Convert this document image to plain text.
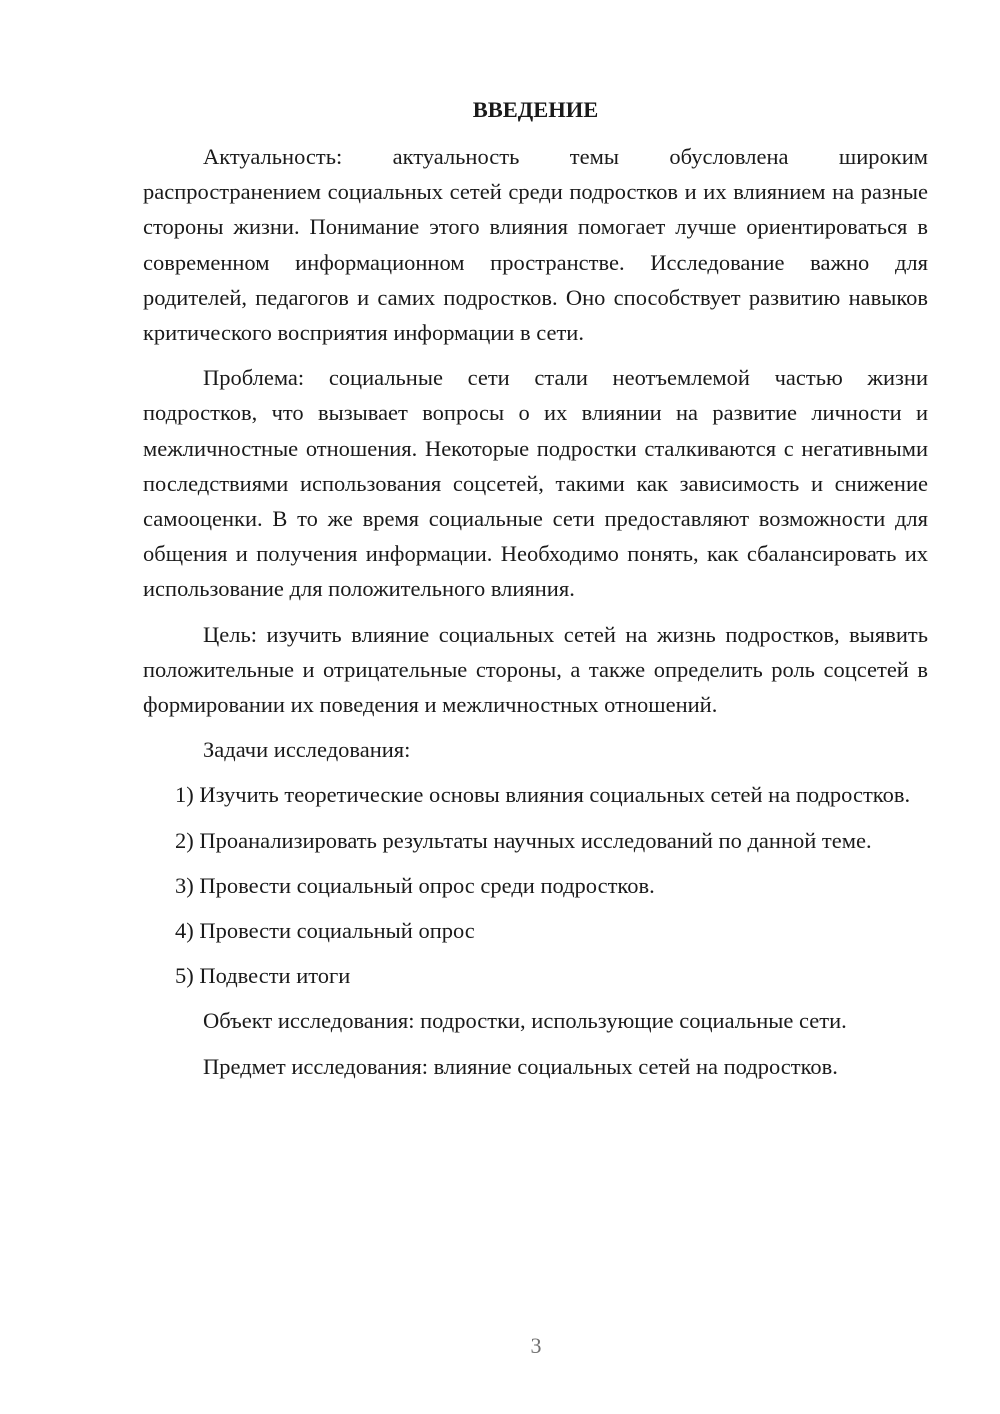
ВВЕДЕНИЕ

Актуальность: актуальность темы обусловлена широким распространением социальных сетей среди подростков и их влиянием на разные стороны жизни. Понимание этого влияния помогает лучше ориентироваться в современном информационном пространстве. Исследование важно для родителей, педагогов и самих подростков. Оно способствует развитию навыков критического восприятия информации в сети.

Проблема: социальные сети стали неотъемлемой частью жизни подростков, что вызывает вопросы о их влиянии на развитие личности и межличностные отношения. Некоторые подростки сталкиваются с негативными последствиями использования соцсетей, такими как зависимость и снижение самооценки. В то же время социальные сети предоставляют возможности для общения и получения информации. Необходимо понять, как сбалансировать их использование для положительного влияния.

Цель: изучить влияние социальных сетей на жизнь подростков, выявить положительные и отрицательные стороны, а также определить роль соцсетей в формировании их поведения и межличностных отношений.

Задачи исследования:

1) Изучить теоретические основы влияния социальных сетей на подростков.

2) Проанализировать результаты научных исследований по данной теме.

3) Провести социальный опрос среди подростков.

4) Провести социальный опрос

5) Подвести итоги

Объект исследования: подростки, использующие социальные сети.

Предмет исследования: влияние социальных сетей на подростков.

3
